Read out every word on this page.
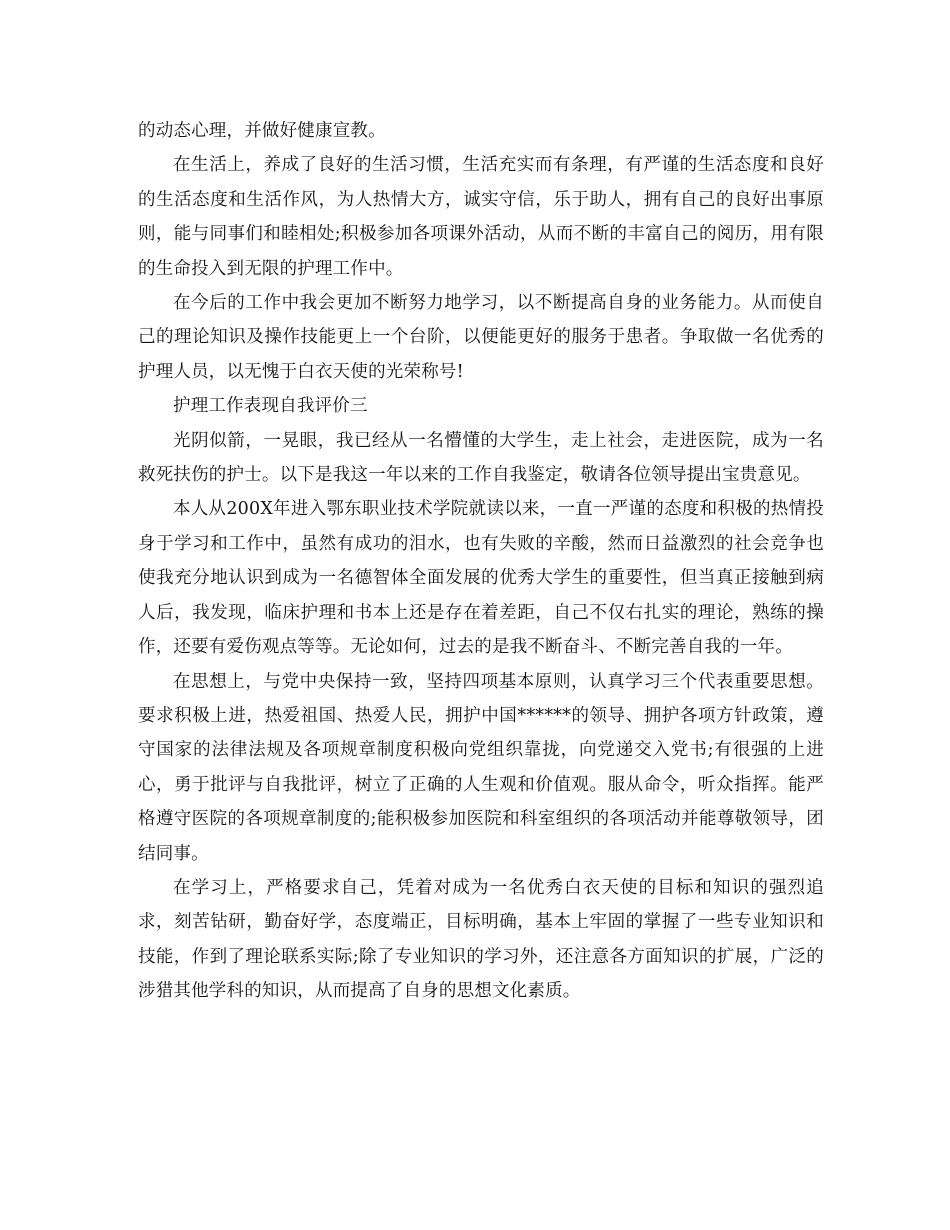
的动态心理，并做好健康宣教。

在生活上，养成了良好的生活习惯，生活充实而有条理，有严谨的生活态度和良好的生活态度和生活作风，为人热情大方，诚实守信，乐于助人，拥有自己的良好出事原则，能与同事们和睦相处;积极参加各项课外活动，从而不断的丰富自己的阅历，用有限的生命投入到无限的护理工作中。

在今后的工作中我会更加不断努力地学习，以不断提高自身的业务能力。从而使自己的理论知识及操作技能更上一个台阶，以便能更好的服务于患者。争取做一名优秀的护理人员，以无愧于白衣天使的光荣称号!

护理工作表现自我评价三

光阴似箭，一晃眼，我已经从一名懵懂的大学生，走上社会，走进医院，成为一名救死扶伤的护士。以下是我这一年以来的工作自我鉴定，敬请各位领导提出宝贵意见。

本人从200X年进入鄂东职业技术学院就读以来，一直一严谨的态度和积极的热情投身于学习和工作中，虽然有成功的泪水，也有失败的辛酸，然而日益激烈的社会竞争也使我充分地认识到成为一名德智体全面发展的优秀大学生的重要性，但当真正接触到病人后，我发现，临床护理和书本上还是存在着差距，自己不仅右扎实的理论，熟练的操作，还要有爱伤观点等等。无论如何，过去的是我不断奋斗、不断完善自我的一年。

在思想上，与党中央保持一致，坚持四项基本原则，认真学习三个代表重要思想。要求积极上进，热爱祖国、热爱人民，拥护中国******的领导、拥护各项方针政策，遵守国家的法律法规及各项规章制度积极向党组织靠拢，向党递交入党书;有很强的上进心，勇于批评与自我批评，树立了正确的人生观和价值观。服从命令，听众指挥。能严格遵守医院的各项规章制度的;能积极参加医院和科室组织的各项活动并能尊敬领导，团结同事。

在学习上，严格要求自己，凭着对成为一名优秀白衣天使的目标和知识的强烈追求，刻苦钻研，勤奋好学，态度端正，目标明确，基本上牢固的掌握了一些专业知识和技能，作到了理论联系实际;除了专业知识的学习外，还注意各方面知识的扩展，广泛的涉猎其他学科的知识，从而提高了自身的思想文化素质。
